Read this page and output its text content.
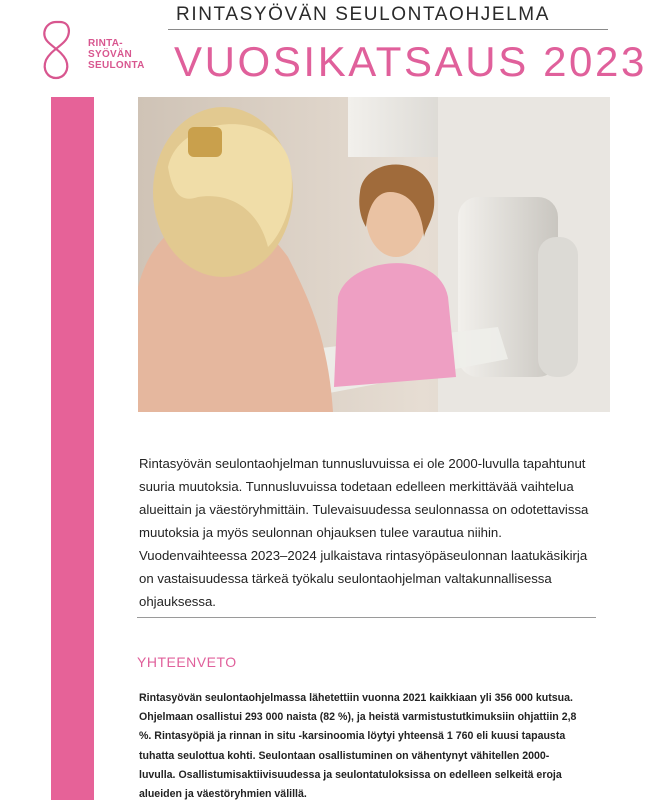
RINTA-
SYÖVÄN
SEULONTA
RINTASYÖVÄN SEULONTAOHJELMA
VUOSIKATSAUS 2023
Rintasyövän seulontaohjelman tunnusluvuissa ei ole 2000-luvulla tapahtunut suuria muutoksia. Tunnusluvuissa todetaan edelleen merkittävää vaihtelua alueittain ja väestöryhmittäin. Tulevaisuudessa seulonnassa on odotettavissa muutoksia ja myös seulonnan ohjauksen tulee varautua niihin. Vuodenvaihteessa 2023–2024 julkaistava rintasyöpäseulonnan laatukäsikirja on vastaisuudessa tärkeä työkalu seulontaohjelman valtakunnallisessa ohjauksessa.
YHTEENVETO
Rintasyövän seulontaohjelmassa lähetettiin vuonna 2021 kaikkiaan yli 356 000 kutsua. Ohjelmaan osallistui 293 000 naista (82 %), ja heistä varmistustutkimuksiin ohjattiin 2,8 %. Rintasyöpiä ja rinnan in situ -karsinoomia löytyi yhteensä 1 760 eli kuusi tapausta tuhatta seulottua kohti. Seulontaan osallistuminen on vähentynyt vähitellen 2000-luvulla. Osallistumisaktiivisuudessa ja seulontatuloksissa on edelleen selkeitä eroja alueiden ja väestöryhmien välillä.
